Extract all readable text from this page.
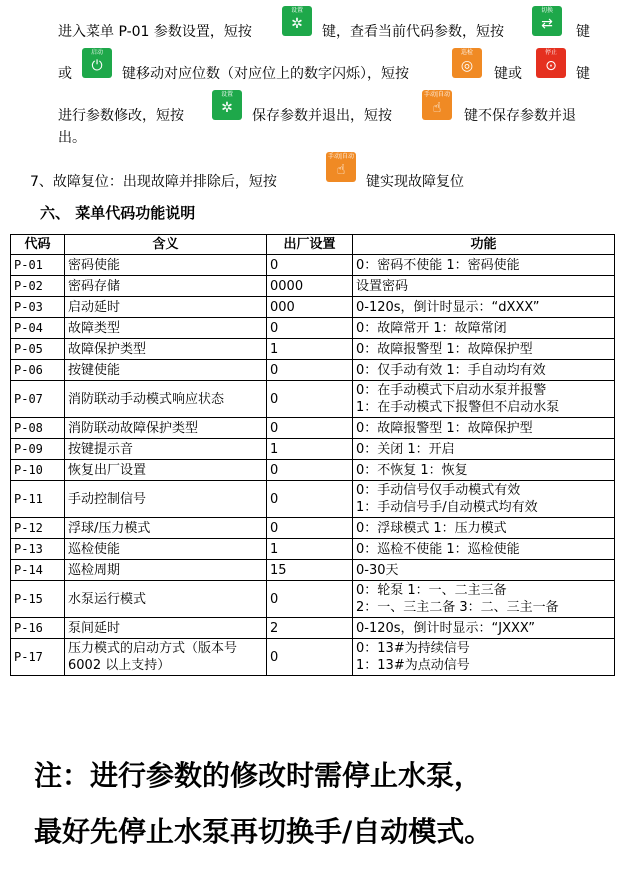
进入菜单 P-01 参数设置，短按
设置
✲ 键，查看当前代码参数，短按
切换
⇄ 键
或
启动
⏻ 键移动对应位数（对应位上的数字闪烁），短按
巡检
◎ 键或
停止
⊙ 键
进行参数修改，短按
设置
✲ 保存参数并退出，短按
手动|自动
☝ 键不保存参数并退
出。
7、故障复位：出现故障并排除后，短按
手动|自动
☝
键实现故障复位
六、 菜单代码功能说明
代码	含义	出厂设置	功能
P-01	密码使能	0	0：密码不使能 1：密码使能

P-02	密码存储	0000	设置密码

P-03	启动延时	000	0-120s，倒计时显示：“dXXX”

P-04	故障类型	0	0：故障常开 1：故障常闭

P-05	故障保护类型	1	0：故障报警型 1：故障保护型

P-06	按键使能	0	0：仅手动有效 1：手自动均有效

P-07	消防联动手动模式响应状态	0	0：在手动模式下启动水泵并报警
1：在手动模式下报警但不启动水泵

P-08	消防联动故障保护类型	0	0：故障报警型 1：故障保护型

P-09	按键提示音	1	0：关闭 1：开启

P-10	恢复出厂设置	0	0：不恢复 1：恢复

P-11	手动控制信号	0	0：手动信号仅手动模式有效
1：手动信号手/自动模式均有效

P-12	浮球/压力模式	0	0：浮球模式 1：压力模式

P-13	巡检使能	1	0：巡检不使能 1：巡检使能

P-14	巡检周期	15	0-30天

P-15	水泵运行模式	0	0：轮泵 1：一、二主三备
2：一、三主二备 3：二、三主一备

P-16	泵间延时	2	0-120s，倒计时显示：“JXXX”

P-17	压力模式的启动方式（版本号 6002 以上支持）	0	0：13#为持续信号
1：13#为点动信号
注：进行参数的修改时需停止水泵，
最好先停止水泵再切换手/自动模式。
